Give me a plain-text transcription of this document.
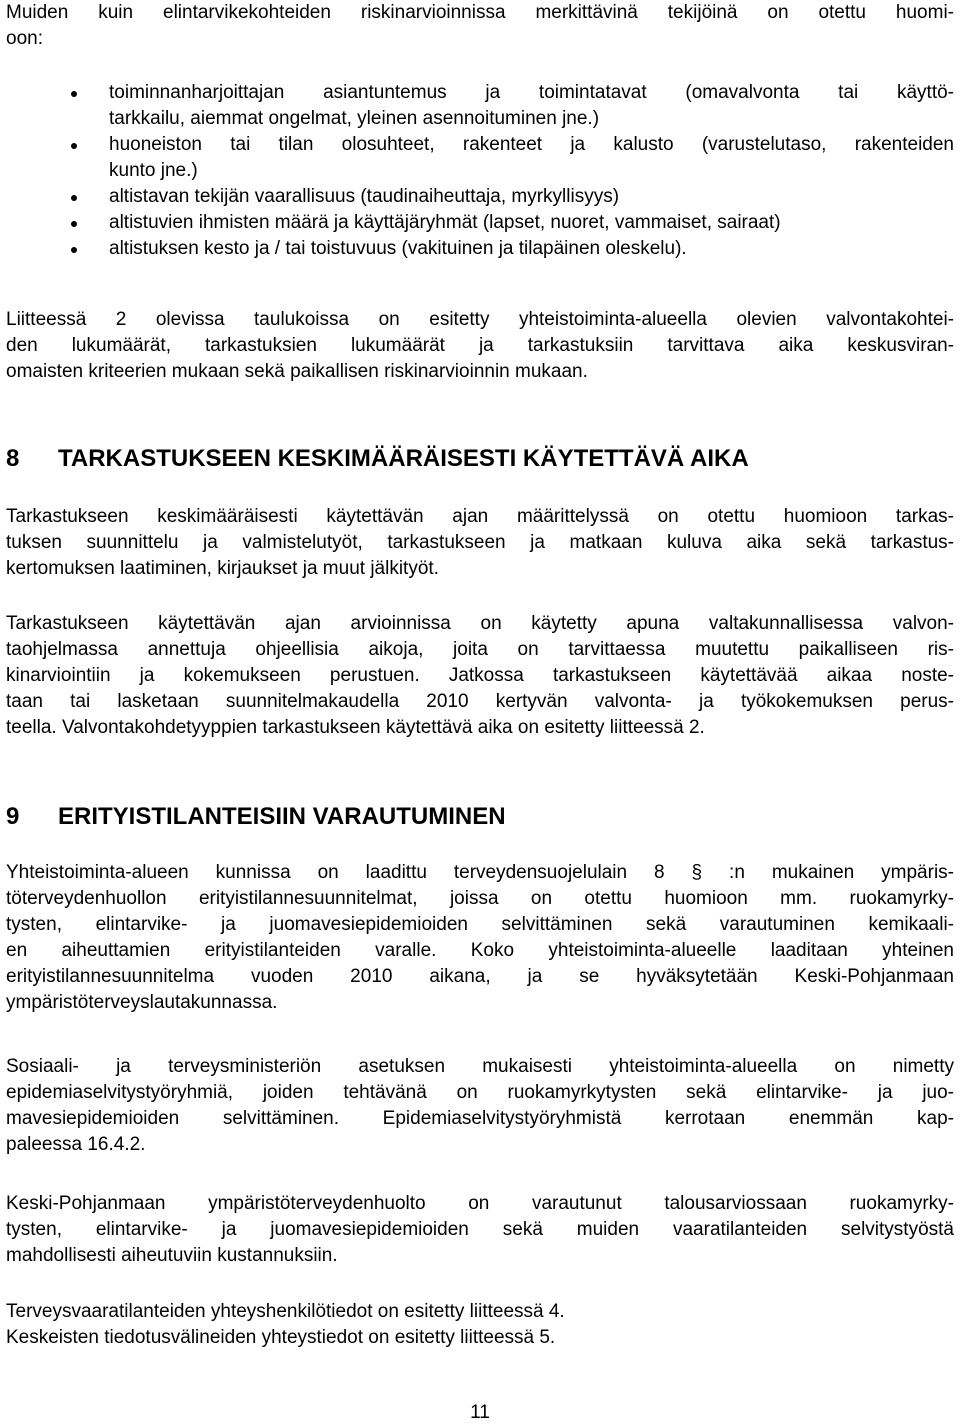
Muiden kuin elintarvikekohteiden riskinarvioinnissa merkittävinä tekijöinä on otettu huomi-
oon:
toiminnanharjoittajan asiantuntemus ja toimintatavat (omavalvonta tai käyttö-
tarkkailu, aiemmat ongelmat, yleinen asennoituminen jne.)
huoneiston tai tilan olosuhteet, rakenteet ja kalusto (varustelutaso, rakenteiden
kunto jne.)
altistavan tekijän vaarallisuus (taudinaiheuttaja, myrkyllisyys)
altistuvien ihmisten määrä ja käyttäjäryhmät (lapset, nuoret, vammaiset, sairaat)
altistuksen kesto ja / tai toistuvuus (vakituinen ja tilapäinen oleskelu).
Liitteessä 2 olevissa taulukoissa on esitetty yhteistoiminta-alueella olevien valvontakohtei-
den lukumäärät, tarkastuksien lukumäärät ja tarkastuksiin tarvittava aika keskusviran-
omaisten kriteerien mukaan sekä paikallisen riskinarvioinnin mukaan.
8 TARKASTUKSEEN KESKIMÄÄRÄISESTI KÄYTETTÄVÄ AIKA
Tarkastukseen keskimääräisesti käytettävän ajan määrittelyssä on otettu huomioon tarkas-
tuksen suunnittelu ja valmistelutyöt, tarkastukseen ja matkaan kuluva aika sekä tarkastus-
kertomuksen laatiminen, kirjaukset ja muut jälkityöt.
Tarkastukseen käytettävän ajan arvioinnissa on käytetty apuna valtakunnallisessa valvon-
taohjelmassa annettuja ohjeellisia aikoja, joita on tarvittaessa muutettu paikalliseen ris-
kinarviointiin ja kokemukseen perustuen. Jatkossa tarkastukseen käytettävää aikaa noste-
taan tai lasketaan suunnitelmakaudella 2010 kertyvän valvonta- ja työkokemuksen perus-
teella. Valvontakohdetyyppien tarkastukseen käytettävä aika on esitetty liitteessä 2.
9 ERITYISTILANTEISIIN VARAUTUMINEN
Yhteistoiminta-alueen kunnissa on laadittu terveydensuojelulain 8 § :n mukainen ympäris-
töterveydenhuollon erityistilannesuunnitelmat, joissa on otettu huomioon mm. ruokamyrky-
tysten, elintarvike- ja juomavesiepidemioiden selvittäminen sekä varautuminen kemikaali-
en aiheuttamien erityistilanteiden varalle. Koko yhteistoiminta-alueelle laaditaan yhteinen
erityistilannesuunnitelma vuoden 2010 aikana, ja se hyväksytetään Keski-Pohjanmaan
ympäristöterveyslautakunnassa.
Sosiaali- ja terveysministeriön asetuksen mukaisesti yhteistoiminta-alueella on nimetty
epidemiaselvitystyöryhmiä, joiden tehtävänä on ruokamyrkytysten sekä elintarvike- ja juo-
mavesiepidemioiden selvittäminen. Epidemiaselvitystyöryhmistä kerrotaan enemmän kap-
paleessa 16.4.2.
Keski-Pohjanmaan ympäristöterveydenhuolto on varautunut talousarviossaan ruokamyrky-
tysten, elintarvike- ja juomavesiepidemioiden sekä muiden vaaratilanteiden selvitystyöstä
mahdollisesti aiheutuviin kustannuksiin.
Terveysvaaratilanteiden yhteyshenkilötiedot on esitetty liitteessä 4.
Keskeisten tiedotusvälineiden yhteystiedot on esitetty liitteessä 5.
11
